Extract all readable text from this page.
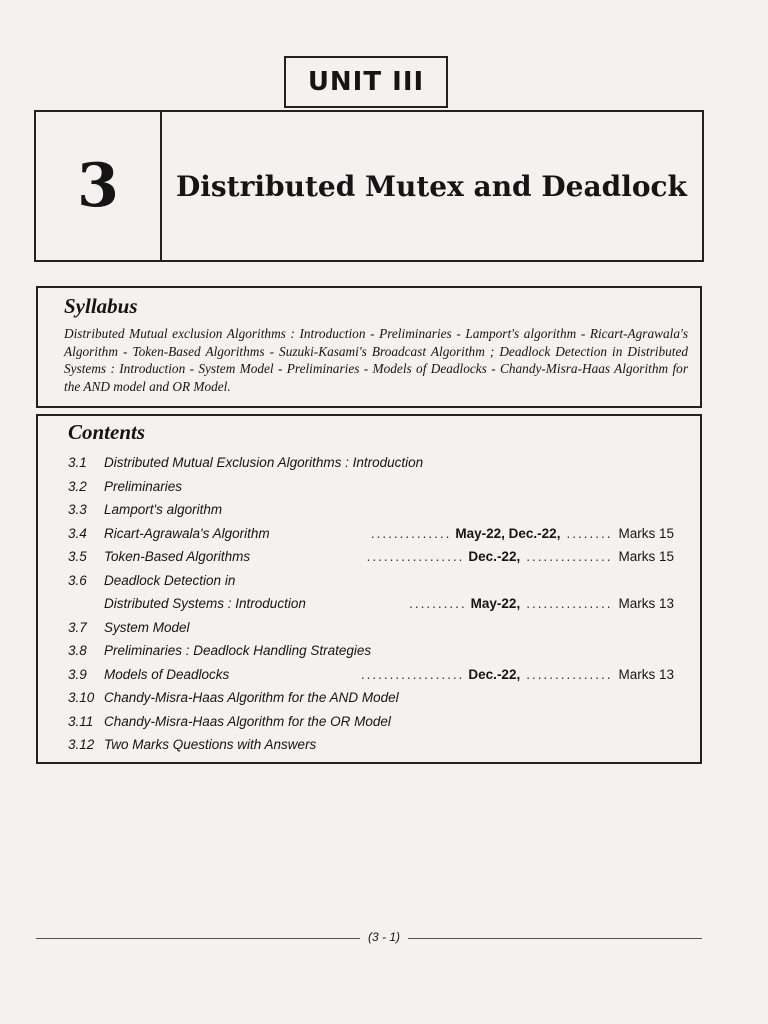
UNIT III
3	Distributed Mutex and Deadlock
Syllabus

Distributed Mutual exclusion Algorithms : Introduction - Preliminaries - Lamport's algorithm - Ricart-Agrawala's Algorithm - Token-Based Algorithms - Suzuki-Kasami's Broadcast Algorithm ; Deadlock Detection in Distributed Systems : Introduction - System Model - Preliminaries - Models of Deadlocks - Chandy-Misra-Haas Algorithm for the AND model and OR Model.

Contents
3.1	Distributed Mutual Exclusion Algorithms : Introduction
3.2	Preliminaries
3.3	Lamport's algorithm
3.4	Ricart-Agrawala's Algorithm	.............. May-22, Dec.-22, ........ Marks 15
3.5	Token-Based Algorithms	................. Dec.-22, ............... Marks 15
3.6	Deadlock Detection in
Distributed Systems : Introduction	.......... May-22, ............... Marks 13
3.7	System Model
3.8	Preliminaries : Deadlock Handling Strategies
3.9	Models of Deadlocks	.................. Dec.-22, ............... Marks 13
3.10 Chandy-Misra-Haas Algorithm for the AND Model
3.11 Chandy-Misra-Haas Algorithm for the OR Model
3.12 Two Marks Questions with Answers
(3 - 1)
